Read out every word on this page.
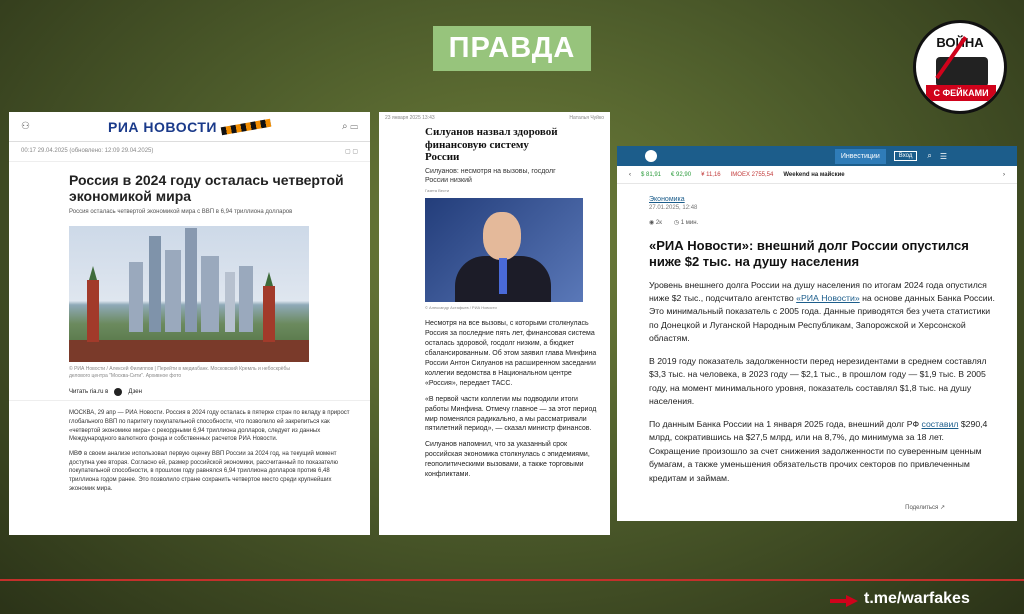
ПРАВДА	ВОЙНА
С ФЕЙКАМИ
⚇	РИА НОВОСТИ	⌕ ▭
00:17 29.04.2025 (обновлено: 12:09 29.04.2025)	▢ ▢
Россия в 2024 году осталась четвертой экономикой мира
Россия осталась четвертой экономикой мира с ВВП в 6,94 триллиона долларов
© РИА Новости / Алексей Филиппов | Перейти в медиабанк. Московский Кремль и небоскрёбы делового центра "Москва-Сити". Архивное фото
Читать ria.ru в	Дзен

МОСКВА, 29 апр — РИА Новости. Россия в 2024 году осталась в пятерке стран по вкладу в прирост глобального ВВП по паритету покупательной способности, что позволило ей закрепиться как «четвертой экономике мира» с рекордными 6,94 триллиона долларов, следует из данных Международного валютного фонда и собственных расчетов РИА Новости.

МВФ в своем анализе использовал первую оценку ВВП России за 2024 год, на текущий момент доступна уже вторая. Согласно ей, размер российской экономики, рассчитанный по показателю покупательной способности, в прошлом году равнялся 6,94 триллиона долларов против 6,48 триллиона годом ранее. Это позволило стране сохранить четвертое место среди крупнейших экономик мира.

23 января 2025 13:43	Наталья Чуйко
Силуанов назвал здоровой финансовую систему России
Силуанов: несмотря на вызовы, госдолг России низкий
Газета Вести
© Александр Астафьев / РИА Новости

Несмотря на все вызовы, с которыми столкнулась Россия за последние пять лет, финансовая система осталась здоровой, госдолг низким, а бюджет сбалансированным. Об этом заявил глава Минфина России Антон Силуанов на расширенном заседании коллегии ведомства в Национальном центре «Россия», передает ТАСС.

«В первой части коллегии мы подводили итоги работы Минфина. Отмечу главное — за этот период мир поменялся радикально, а мы рассматривали пятилетний период», — сказал министр финансов.

Силуанов напомнил, что за указанный срок российская экономика столкнулась с эпидемиями, геополитическими вызовами, а также торговыми конфликтами.

Инвестиции	Вход	⌕ ☰
‹ $ 81,91 € 92,90 ¥ 11,16 IMOEX 2755,54 Weekend на майские	›
Экономика
27.01.2025, 12:48
◉ 2к ◷ 1 мин.
«РИА Новости»: внешний долг России опустился ниже $2 тыс. на душу населения

Уровень внешнего долга России на душу населения по итогам 2024 года опустился ниже $2 тыс., подсчитало агентство «РИА Новости» на основе данных Банка России. Это минимальный показатель с 2005 года. Данные приводятся без учета статистики по Донецкой и Луганской Народным Республикам, Запорожской и Херсонской областям.

В 2019 году показатель задолженности перед нерезидентами в среднем составлял $3,3 тыс. на человека, в 2023 году — $2,1 тыс., в прошлом году — $1,9 тыс. В 2005 году, на момент минимального уровня, показатель составлял $1,8 тыс. на душу населения.

По данным Банка России на 1 января 2025 года, внешний долг РФ составил $290,4 млрд, сократившись на $27,5 млрд, или на 8,7%, до минимума за 18 лет. Сокращение произошло за счет снижения задолженности по суверенным ценным бумагам, а также уменьшения обязательств прочих секторов по привлеченным кредитам и займам.

Поделиться ↗
t.me/warfakes
